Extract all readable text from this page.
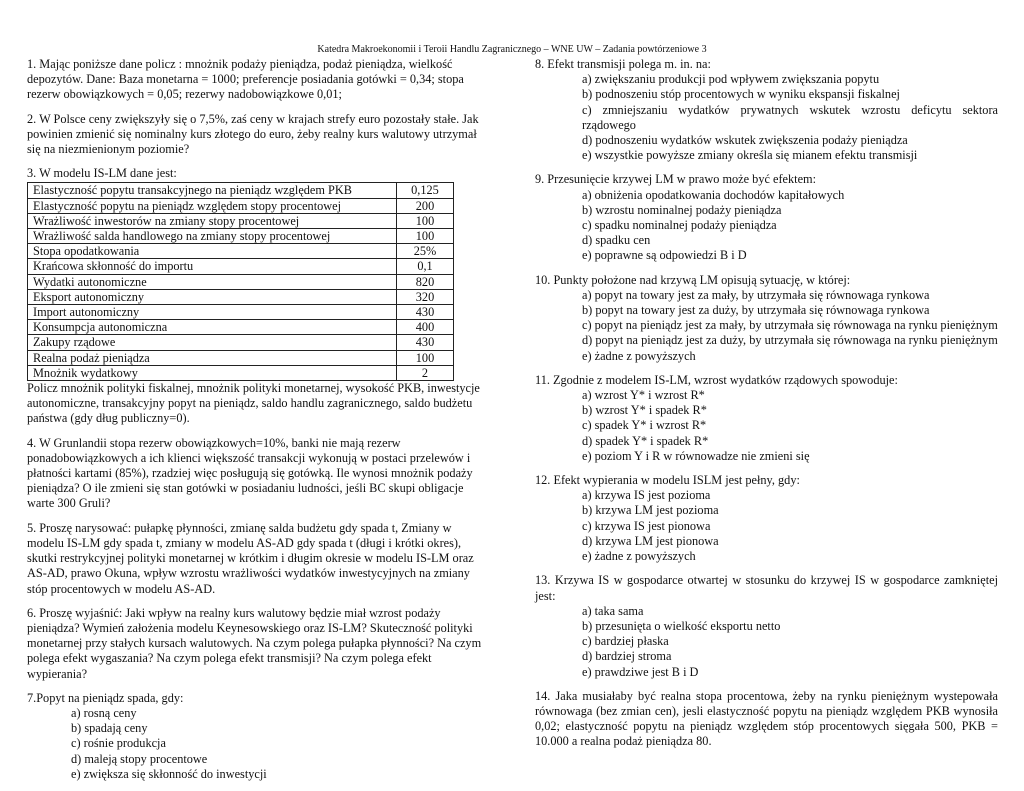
Katedra Makroekonomii i Teroii Handlu Zagranicznego – WNE UW – Zadania powtórzeniowe 3

1. Mając poniższe dane policz : mnożnik podaży pieniądza, podaż pieniądza, wielkość depozytów. Dane: Baza monetarna = 1000; preferencje posiadania gotówki = 0,34; stopa rezerw obowiązkowych = 0,05; rezerwy nadobowiązkowe 0,01;

2. W Polsce ceny zwiększyły się o 7,5%, zaś ceny w krajach strefy euro pozostały stałe. Jak powinien zmienić się nominalny kurs złotego do euro, żeby realny kurs walutowy utrzymał się na niezmienionym poziomie?

3. W modelu IS-LM dane jest:

Elastyczność popytu transakcyjnego na pieniądz względem PKB	0,125
Elastyczność popytu na pieniądz względem stopy procentowej	200
Wrażliwość inwestorów na zmiany stopy procentowej	100
Wrażliwość salda handlowego na zmiany stopy procentowej	100
Stopa opodatkowania	25%
Krańcowa skłonność do importu	0,1
Wydatki autonomiczne	820
Eksport autonomiczny	320
Import autonomiczny	430
Konsumpcja autonomiczna	400
Zakupy rządowe	430
Realna podaż pieniądza	100
Mnożnik wydatkowy	2

Policz mnożnik polityki fiskalnej, mnożnik polityki monetarnej, wysokość PKB, inwestycje autonomiczne, transakcyjny popyt na pieniądz, saldo handlu zagranicznego, saldo budżetu państwa (gdy dług publiczny=0).

4. W Grunlandii stopa rezerw obowiązkowych=10%, banki nie mają rezerw ponadobowiązkowych a ich klienci większość transakcji wykonują w postaci przelewów i płatności kartami (85%), rzadziej więc posługują się gotówką. Ile wynosi mnożnik podaży pieniądza? O ile zmieni się stan gotówki w posiadaniu ludności, jeśli BC skupi obligacje warte 300 Gruli?

5. Proszę narysować: pułapkę płynności, zmianę salda budżetu gdy spada t, Zmiany w modelu IS-LM gdy spada t, zmiany w modelu AS-AD gdy spada t (długi i krótki okres), skutki restrykcyjnej polityki monetarnej w krótkim i długim okresie w modelu IS-LM oraz AS-AD, prawo Okuna, wpływ wzrostu wrażliwości wydatków inwestycyjnych na zmiany stóp procentowych w modelu AS-AD.

6. Proszę wyjaśnić: Jaki wpływ na realny kurs walutowy będzie miał wzrost podaży pieniądza? Wymień założenia modelu Keynesowskiego oraz IS-LM? Skuteczność polityki monetarnej przy stałych kursach walutowych. Na czym polega pułapka płynności? Na czym polega efekt wygaszania? Na czym polega efekt transmisji? Na czym polega efekt wypierania?

7.Popyt na pieniądz spada, gdy:

a) rosną ceny
b) spadają ceny
c) rośnie produkcja
d) maleją stopy procentowe
e) zwiększa się skłonność do inwestycji

8. Efekt transmisji polega m. in. na:

a) zwiększaniu produkcji pod wpływem zwiększania popytu
b) podnoszeniu stóp procentowych w wyniku ekspansji fiskalnej
c) zmniejszaniu wydatków prywatnych wskutek wzrostu deficytu sektora rządowego
d) podnoszeniu wydatków wskutek zwiększenia podaży pieniądza
e) wszystkie powyższe zmiany określa się mianem efektu transmisji

9. Przesunięcie krzywej LM w prawo może być efektem:

a) obniżenia opodatkowania dochodów kapitałowych
b) wzrostu nominalnej podaży pieniądza
c) spadku nominalnej podaży pieniądza
d) spadku cen
e) poprawne są odpowiedzi B i D

10. Punkty położone nad krzywą LM opisują sytuację, w której:

a) popyt na towary jest za mały, by utrzymała się równowaga rynkowa
b) popyt na towary jest za duży, by utrzymała się równowaga rynkowa
c) popyt na pieniądz jest za mały, by utrzymała się równowaga na rynku pieniężnym
d) popyt na pieniądz jest za duży, by utrzymała się równowaga na rynku pieniężnym
e) żadne z powyższych

11. Zgodnie z modelem IS-LM, wzrost wydatków rządowych spowoduje:

a) wzrost Y* i wzrost R*
b) wzrost Y* i spadek R*
c) spadek Y* i wzrost R*
d) spadek Y* i spadek R*
e) poziom Y i R w równowadze nie zmieni się

12. Efekt wypierania w modelu ISLM jest pełny, gdy:

a) krzywa IS jest pozioma
b) krzywa LM jest pozioma
c) krzywa IS jest pionowa
d) krzywa LM jest pionowa
e) żadne z powyższych

13. Krzywa IS w gospodarce otwartej w stosunku do krzywej IS w gospodarce zamkniętej jest:

a) taka sama
b) przesunięta o wielkość eksportu netto
c) bardziej płaska
d) bardziej stroma
e) prawdziwe jest B i D

14. Jaka musiałaby być realna stopa procentowa, żeby na rynku pieniężnym wystepowała równowaga (bez zmian cen), jesli elastyczność popytu na pieniądz względem PKB wynosiła 0,02; elastyczność popytu na pieniądz względem stóp procentowych sięgała 500, PKB = 10.000 a realna podaż pieniądza 80.
